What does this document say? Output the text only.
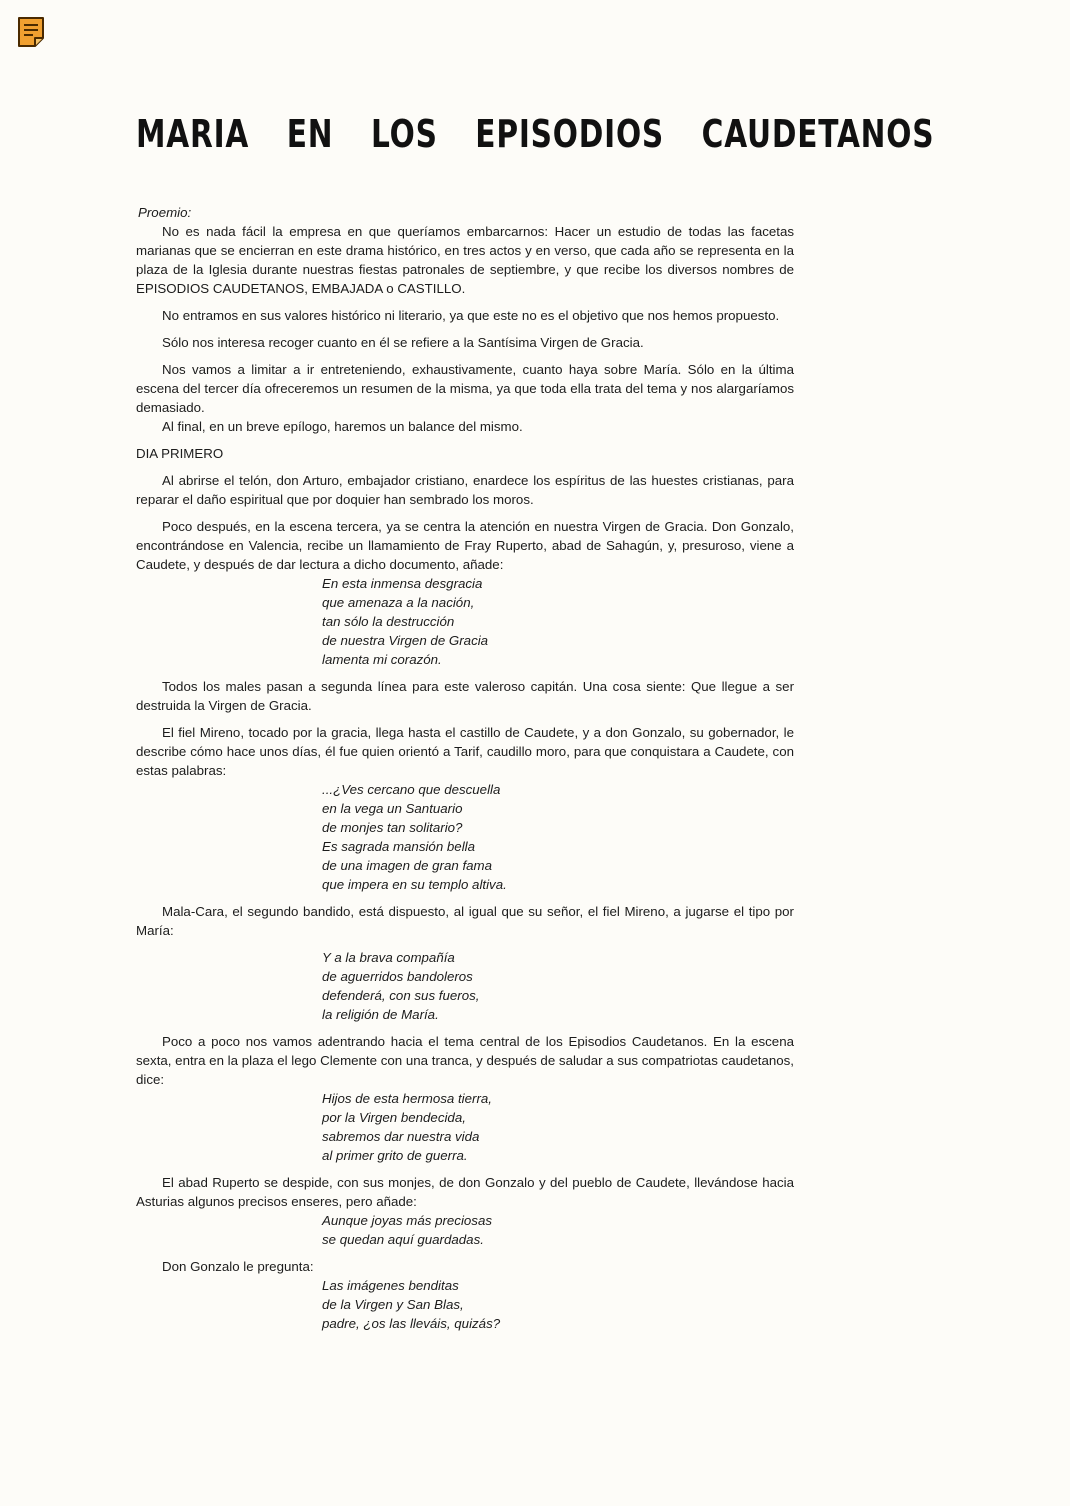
MARIA EN LOS EPISODIOS CAUDETANOS
Proemio:

No es nada fácil la empresa en que queríamos embarcarnos: Hacer un estudio de todas las facetas marianas que se encierran en este drama histórico, en tres actos y en verso, que cada año se representa en la plaza de la Iglesia durante nuestras fiestas patronales de septiembre, y que recibe los diversos nombres de EPISODIOS CAUDETANOS, EMBAJADA o CASTILLO.

No entramos en sus valores histórico ni literario, ya que este no es el objetivo que nos hemos propuesto.

Sólo nos interesa recoger cuanto en él se refiere a la Santísima Virgen de Gracia.

Nos vamos a limitar a ir entreteniendo, exhaustivamente, cuanto haya sobre María. Sólo en la última escena del tercer día ofreceremos un resumen de la misma, ya que toda ella trata del tema y nos alargaríamos demasiado.

Al final, en un breve epílogo, haremos un balance del mismo.

DIA PRIMERO

Al abrirse el telón, don Arturo, embajador cristiano, enardece los espíritus de las huestes cristianas, para reparar el daño espiritual que por doquier han sembrado los moros.

Poco después, en la escena tercera, ya se centra la atención en nuestra Virgen de Gracia. Don Gonzalo, encontrándose en Valencia, recibe un llamamiento de Fray Ruperto, abad de Sahagún, y, presuroso, viene a Caudete, y después de dar lectura a dicho documento, añade:

En esta inmensa desgracia
que amenaza a la nación,
tan sólo la destrucción
de nuestra Virgen de Gracia
lamenta mi corazón.

Todos los males pasan a segunda línea para este valeroso capitán. Una cosa siente: Que llegue a ser destruida la Virgen de Gracia.

El fiel Mireno, tocado por la gracia, llega hasta el castillo de Caudete, y a don Gonzalo, su gobernador, le describe cómo hace unos días, él fue quien orientó a Tarif, caudillo moro, para que conquistara a Caudete, con estas palabras:

...¿Ves cercano que descuella
en la vega un Santuario
de monjes tan solitario?
Es sagrada mansión bella
de una imagen de gran fama
que impera en su templo altiva.

Mala-Cara, el segundo bandido, está dispuesto, al igual que su señor, el fiel Mireno, a jugarse el tipo por María:

Y a la brava compañía
de aguerridos bandoleros
defenderá, con sus fueros,
la religión de María.

Poco a poco nos vamos adentrando hacia el tema central de los Episodios Caudetanos. En la escena sexta, entra en la plaza el lego Clemente con una tranca, y después de saludar a sus compatriotas caudetanos, dice:

Hijos de esta hermosa tierra,
por la Virgen bendecida,
sabremos dar nuestra vida
al primer grito de guerra.

El abad Ruperto se despide, con sus monjes, de don Gonzalo y del pueblo de Caudete, llevándose hacia Asturias algunos precisos enseres, pero añade:

Aunque joyas más preciosas
se quedan aquí guardadas.

Don Gonzalo le pregunta:

Las imágenes benditas
de la Virgen y San Blas,
padre, ¿os las lleváis, quizás?
